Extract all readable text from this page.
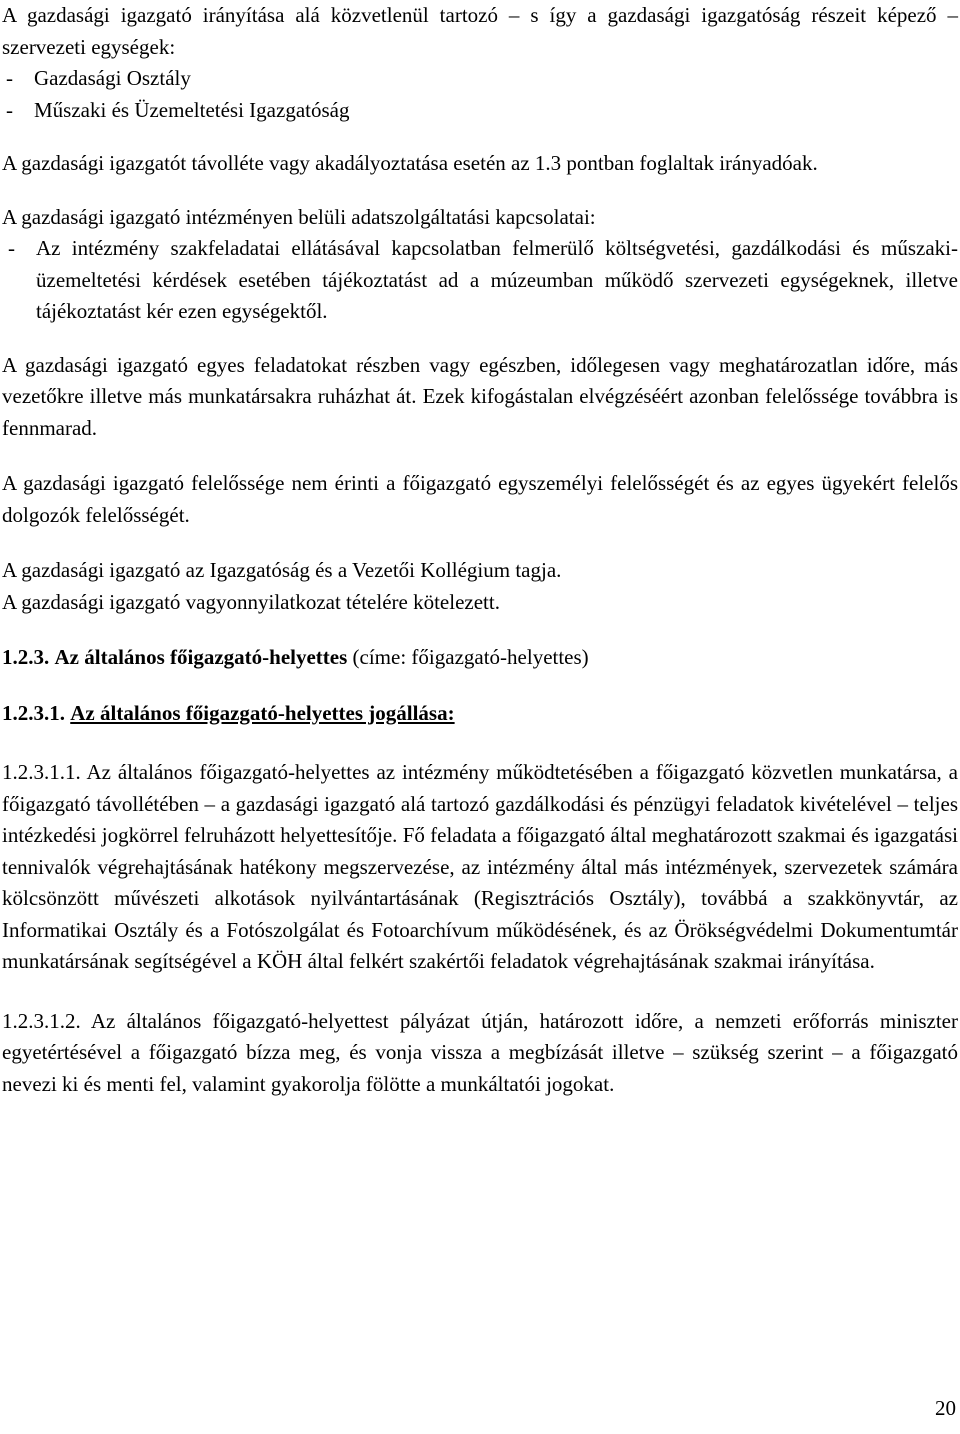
A gazdasági igazgató irányítása alá közvetlenül tartozó – s így a gazdasági igazgatóság részeit képező – szervezeti egységek:

-	Gazdasági Osztály
-	Műszaki és Üzemeltetési Igazgatóság

A gazdasági igazgatót távolléte vagy akadályoztatása esetén az 1.3 pontban foglaltak irányadóak.

A gazdasági igazgató intézményen belüli adatszolgáltatási kapcsolatai:

-	Az intézmény szakfeladatai ellátásával kapcsolatban felmerülő költségvetési, gazdálkodási és műszaki-üzemeltetési kérdések esetében tájékoztatást ad a múzeumban működő szervezeti egységeknek, illetve tájékoztatást kér ezen egységektől.

A gazdasági igazgató egyes feladatokat részben vagy egészben, időlegesen vagy meghatározatlan időre, más vezetőkre illetve más munkatársakra ruházhat át. Ezek kifogástalan elvégzéséért azonban felelőssége továbbra is fennmarad.

A gazdasági igazgató felelőssége nem érinti a főigazgató egyszemélyi felelősségét és az egyes ügyekért felelős dolgozók felelősségét.

A gazdasági igazgató az Igazgatóság és a Vezetői Kollégium tagja.

A gazdasági igazgató vagyonnyilatkozat tételére kötelezett.

1.2.3. Az általános főigazgató-helyettes (címe: főigazgató-helyettes)

1.2.3.1. Az általános főigazgató-helyettes jogállása:

1.2.3.1.1. Az általános főigazgató-helyettes az intézmény működtetésében a főigazgató közvetlen munkatársa, a főigazgató távollétében – a gazdasági igazgató alá tartozó gazdálkodási és pénzügyi feladatok kivételével – teljes intézkedési jogkörrel felruházott helyettesítője. Fő feladata a főigazgató által meghatározott szakmai és igazgatási tennivalók végrehajtásának hatékony megszervezése, az intézmény által más intézmények, szervezetek számára kölcsönzött művészeti alkotások nyilvántartásának (Regisztrációs Osztály), továbbá a szakkönyvtár, az Informatikai Osztály és a Fotószolgálat és Fotoarchívum működésének, és az Örökségvédelmi Dokumentumtár munkatársának segítségével a KÖH által felkért szakértői feladatok végrehajtásának szakmai irányítása.

1.2.3.1.2. Az általános főigazgató-helyettest pályázat útján, határozott időre, a nemzeti erőforrás miniszter egyetértésével a főigazgató bízza meg, és vonja vissza a megbízását illetve – szükség szerint – a főigazgató nevezi ki és menti fel, valamint gyakorolja fölötte a munkáltatói jogokat.

20
